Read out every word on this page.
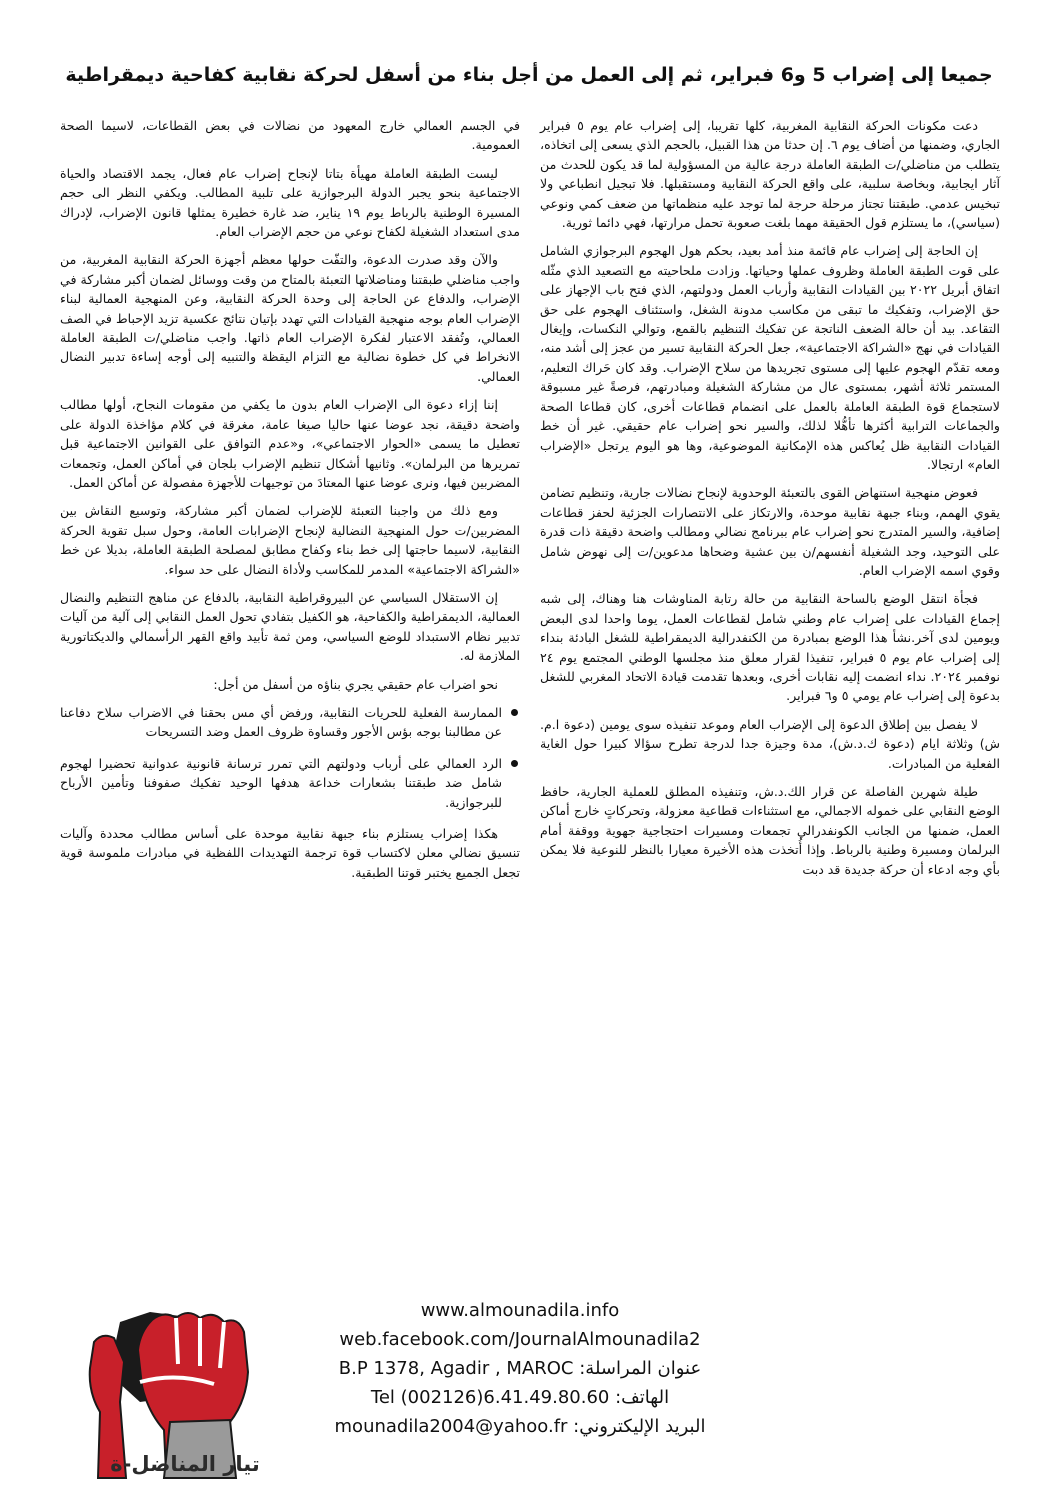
جميعا إلى إضراب 5 و6 فبراير، ثم إلى العمل من أجل بناء من أسفل لحركة نقابية كفاحية ديمقراطية

دعت مكونات الحركة النقابية المغربية، كلها تقريبا، إلى إضراب عام يوم ٥ فبراير الجاري، وضمنها من أضاف يوم ٦. إن حدثا من هذا القبيل، بالحجم الذي يسعى إلى اتخاذه، يتطلب من مناضلي/ت الطبقة العاملة درجة عالية من المسؤولية لما قد يكون للحدث من آثار ايجابية، وبخاصة سلبية، على واقع الحركة النقابية ومستقبلها. فلا تبجيل انطباعي ولا تبخيس عدمي. طبقتنا تجتاز مرحلة حرجة لما توجد عليه منظماتها من ضعف كمي ونوعي (سياسي)، ما يستلزم قول الحقيقة مهما بلغت صعوبة تحمل مرارتها، فهي دائما ثورية.

إن الحاجة إلى إضراب عام قائمة منذ أمد بعيد، بحكم هول الهجوم البرجوازي الشامل على قوت الطبقة العاملة وظروف عملها وحياتها. وزادت ملحاحيته مع التصعيد الذي مثّله اتفاق أبريل ٢٠٢٢ بين القيادات النقابية وأرباب العمل ودولتهم، الذي فتح باب الإجهاز على حق الإضراب، وتفكيك ما تبقى من مكاسب مدونة الشغل، واستئناف الهجوم على حق التقاعد. بيد أن حالة الضعف الناتجة عن تفكيك التنظيم بالقمع، وتوالي النكسات، وإيغال القيادات في نهج «الشراكة الاجتماعية»، جعل الحركة النقابية تسير من عجز إلى أشد منه، ومعه تقدّم الهجوم عليها إلى مستوى تجريدها من سلاح الإضراب. وقد كان حَراك التعليم، المستمر ثلاثة أشهر، بمستوى عال من مشاركة الشغيلة ومبادرتهم، فرصةً غير مسبوقة لاستجماع قوة الطبقة العاملة بالعمل على انضمام قطاعات أخرى، كان قطاعا الصحة والجماعات الترابية أكثرها تأهُّلا لذلك، والسير نحو إضراب عام حقيقي. غير أن خط القيادات النقابية ظل يُعاكس هذه الإمكانية الموضوعية، وها هو اليوم يرتجل «الإضراب العام» ارتجالا.

فعوض منهجية استنهاض القوى بالتعبئة الوحدوية لإنجاح نضالات جارية، وتنظيم تضامن يقوي الهمم، وبناء جبهة نقابية موحدة، والارتكاز على الانتصارات الجزئية لحفز قطاعات إضافية، والسير المتدرج نحو إضراب عام ببرنامج نضالي ومطالب واضحة دقيقة ذات قدرة على التوحيد، وجد الشغيلة أنفسهم/ن بين عشية وضحاها مدعوين/ت إلى نهوض شامل وقوي اسمه الإضراب العام.

فجأة انتقل الوضع بالساحة النقابية من حالة رتابة المناوشات هنا وهناك، إلى شبه إجماع القيادات على إضراب عام وطني شامل لقطاعات العمل، يوما واحدا لدى البعض ويومين لدى آخر.نشأ هذا الوضع بمبادرة من الكنفدرالية الديمقراطية للشغل البادئة بنداء إلى إضراب عام يوم ٥ فبراير، تنفيذا لقرار معلق منذ مجلسها الوطني المجتمع يوم ٢٤ نوفمبر ٢٠٢٤. نداء انضمت إليه نقابات أخرى، وبعدها تقدمت قيادة الاتحاد المغربي للشغل بدعوة إلى إضراب عام يومي ٥ و٦ فبراير.

لا يفصل بين إطلاق الدعوة إلى الإضراب العام وموعد تنفيذه سوى يومين (دعوة ا.م. ش) وثلاثة ايام (دعوة ك.د.ش)، مدة وجيزة جدا لدرجة تطرح سؤالا كبيرا حول الغاية الفعلية من المبادرات.

طيلة شهرين الفاصلة عن قرار الك.د.ش، وتنفيذه المطلق للعملية الجارية، حافظ الوضع النقابي على خموله الاجمالي، مع استثناءات قطاعية معزولة، وتحركاتٍ خارج أماكن العمل، ضمنها من الجانب الكونفدرالي تجمعات ومسيرات احتجاجية جهوية ووقفة أمام البرلمان ومسيرة وطنية بالرباط. وإذا أُتخذت هذه الأخيرة معيارا بالنظر للنوعية فلا يمكن بأي وجه ادعاء أن حركة جديدة قد دبت

في الجسم العمالي خارج المعهود من نضالات في بعض القطاعات، لاسيما الصحة العمومية.

ليست الطبقة العاملة مهيأة بتاتا لإنجاح إضراب عام فعال، يجمد الاقتصاد والحياة الاجتماعية بنحو يجبر الدولة البرجوازية على تلبية المطالب. ويكفي النظر الى حجم المسيرة الوطنية بالرباط يوم ١٩ يناير، ضد غارة خطيرة يمثلها قانون الإضراب، لإدراك مدى استعداد الشغيلة لكفاح نوعي من حجم الإضراب العام.

والآن وقد صدرت الدعوة، والتفّت حولها معظم أجهزة الحركة النقابية المغربية، من واجب مناضلي طبقتنا ومناضلاتها التعبئة بالمتاح من وقت ووسائل لضمان أكبر مشاركة في الإضراب، والدفاع عن الحاجة إلى وحدة الحركة النقابية، وعن المنهجية العمالية لبناء الإضراب العام بوجه منهجية القيادات التي تهدد بإتيان نتائج عكسية تزيد الإحباط في الصف العمالي، وتُفقد الاعتبار لفكرة الإضراب العام ذاتها. واجب مناضلي/ت الطبقة العاملة الانخراط في كل خطوة نضالية مع التزام اليقظة والتنبيه إلى أوجه إساءة تدبير النضال العمالي.

إننا إزاء دعوة الى الإضراب العام بدون ما يكفي من مقومات النجاح، أولها مطالب واضحة دقيقة، نجد عوضا عنها حاليا صيغا عامة، مغرقة في كلام مؤاخذة الدولة على تعطيل ما يسمى «الحوار الاجتماعي»، و«عدم التوافق على القوانين الاجتماعية قبل تمريرها من البرلمان». وثانيها أشكال تنظيم الإضراب بلجان في أماكن العمل، وتجمعات المضربين فيها، ونرى عوضا عنها المعتادَ من توجيهات للأجهزة مفصولة عن أماكن العمل.

ومع ذلك من واجبنا التعبئة للإضراب لضمان أكبر مشاركة، وتوسيع النقاش بين المضربين/ت حول المنهجية النضالية لإنجاح الإضرابات العامة، وحول سبل تقوية الحركة النقابية، لاسيما حاجتها إلى خط بناء وكفاح مطابق لمصلحة الطبقة العاملة، بديلا عن خط «الشراكة الاجتماعية» المدمر للمكاسب ولأداة النضال على حد سواء.

إن الاستقلال السياسي عن البيروقراطية النقابية، بالدفاع عن مناهج التنظيم والنضال العمالية، الديمقراطية والكفاحية، هو الكفيل بتفادي تحول العمل النقابي إلى آلية من آليات تدبير نظام الاستبداد للوضع السياسي، ومن ثمة تأبيد واقع القهر الرأسمالي والديكتاتورية الملازمة له.

نحو اضراب عام حقيقي يجري بناؤه من أسفل من أجل:

الممارسة الفعلية للحريات النقابية، ورفض أي مس بحقنا في الاضراب سلاح دفاعنا عن مطالبنا بوجه بؤس الأجور وقساوة ظروف العمل وضد التسريحات
الرد العمالي على أرباب ودولتهم التي تمرر ترسانة قانونية عدوانية تحضيرا لهجوم شامل ضد طبقتنا بشعارات خداعة هدفها الوحيد تفكيك صفوفنا وتأمين الأرباح للبرجوازية.

هكذا إضراب يستلزم بناء جبهة نقابية موحدة على أساس مطالب محددة وآليات تنسيق نضالي معلن لاكتساب قوة ترجمة التهديدات اللفظية في مبادرات ملموسة قوية تجعل الجميع يختبر قوتنا الطبقية.

تيار المناضل-ة
www.almounadila.info
web.facebook.com/JournalAlmounadila2
عنوان المراسلة: B.P 1378, Agadir , MAROC
الهاتف: Tel (002126)6.41.49.80.60
البريد الإليكتروني: mounadila2004@yahoo.fr
